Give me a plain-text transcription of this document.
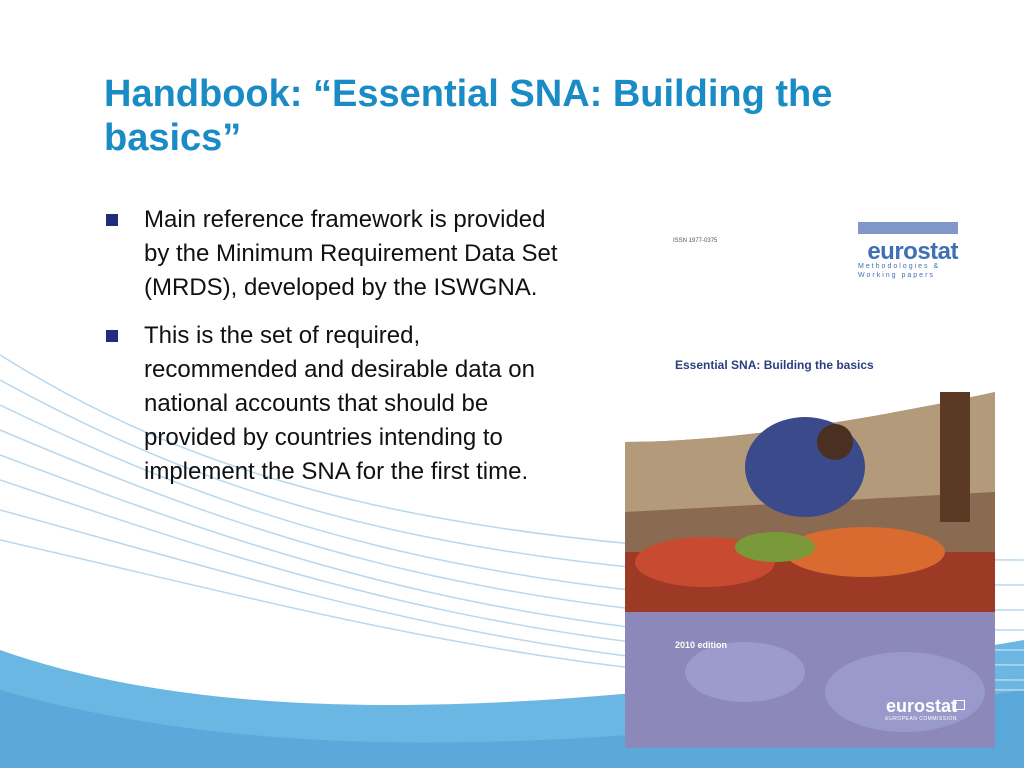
Handbook: “Essential SNA: Building the basics”
Main reference framework is provided by the Minimum Requirement Data Set (MRDS), developed by the ISWGNA.
This is the set of required, recommended and desirable data on national accounts that should be provided by countries intending to implement the SNA for the first time.
ISSN 1977-0375	eurostat
Methodologies & Working papers
Essential SNA: Building the basics
2010 edition
eurostat
EUROPEAN COMMISSION
